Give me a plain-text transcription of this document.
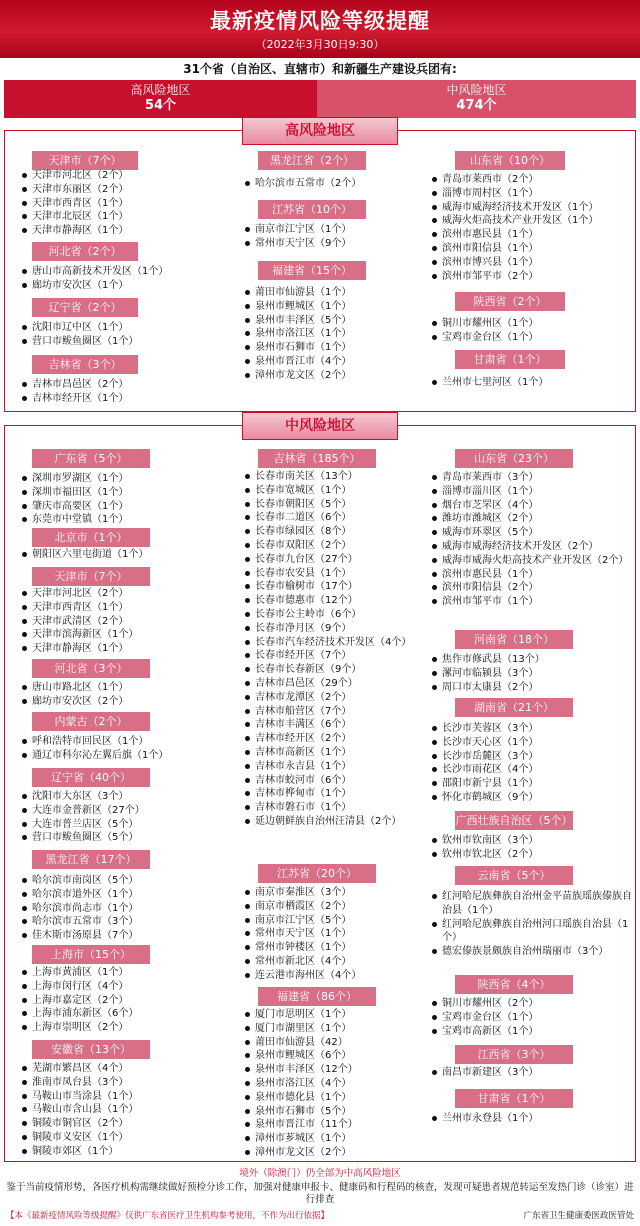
最新疫情风险等级提醒
（2022年3月30日9:30）
31个省（自治区、直辖市）和新疆生产建设兵团有:
高风险地区
54个
中风险地区
474个
高风险地区
中风险地区
天津市（7个）
天津市河北区（2个）
天津市东丽区（2个）
天津市西青区（1个）
天津市北辰区（1个）
天津市静海区（1个）
河北省（2个）
唐山市高新技术开发区（1个）
廊坊市安次区（1个）
辽宁省（2个）
沈阳市辽中区（1个）
营口市鲅鱼圈区（1个）
吉林省（3个）
吉林市昌邑区（2个）
吉林市经开区（1个）
黑龙江省（2个）
哈尔滨市五常市（2个）
江苏省（10个）
南京市江宁区（1个）
常州市天宁区（9个）
福建省（15个）
莆田市仙游县（1个）
泉州市鲤城区（1个）
泉州市丰泽区（5个）
泉州市洛江区（1个）
泉州市石狮市（1个）
泉州市晋江市（4个）
漳州市龙文区（2个）
山东省（10个）
青岛市莱西市（2个）
淄博市周村区（1个）
威海市威海经济技术开发区（1个）
威海火炬高技术产业开发区（1个）
滨州市惠民县（1个）
滨州市阳信县（1个）
滨州市博兴县（1个）
滨州市邹平市（2个）
陕西省（2个）
铜川市耀州区（1个）
宝鸡市金台区（1个）
甘肃省（1个）
兰州市七里河区（1个）
广东省（5个）
深圳市罗湖区（1个）
深圳市福田区（1个）
肇庆市高要区（1个）
东莞市中堂镇（1个）
北京市（1个）
朝阳区六里屯街道（1个）
天津市（7个）
天津市河北区（2个）
天津市西青区（1个）
天津市武清区（2个）
天津市滨海新区（1个）
天津市静海区（1个）
河北省（3个）
唐山市路北区（1个）
廊坊市安次区（2个）
内蒙古（2个）
呼和浩特市回民区（1个）
通辽市科尔沁左翼后旗（1个）
辽宁省（40个）
沈阳市大东区（3个）
大连市金普新区（27个）
大连市普兰店区（5个）
营口市鲅鱼圈区（5个）
黑龙江省（17个）
哈尔滨市南岗区（5个）
哈尔滨市道外区（1个）
哈尔滨市尚志市（1个）
哈尔滨市五常市（3个）
佳木斯市汤原县（7个）
上海市（15个）
上海市黄浦区（1个）
上海市闵行区（4个）
上海市嘉定区（2个）
上海市浦东新区（6个）
上海市崇明区（2个）
安徽省（13个）
芜湖市繁昌区（4个）
淮南市凤台县（3个）
马鞍山市当涂县（1个）
马鞍山市含山县（1个）
铜陵市铜官区（2个）
铜陵市义安区（1个）
铜陵市郊区（1个）
吉林省（185个）
长春市南关区（13个）
长春市宽城区（1个）
长春市朝阳区（5个）
长春市二道区（6个）
长春市绿园区（8个）
长春市双阳区（2个）
长春市九台区（27个）
长春市农安县（1个）
长春市榆树市（17个）
长春市德惠市（12个）
长春市公主岭市（6个）
长春市净月区（9个）
长春市汽车经济技术开发区（4个）
长春市经开区（7个）
长春市长春新区（9个）
吉林市昌邑区（29个）
吉林市龙潭区（2个）
吉林市船营区（7个）
吉林市丰满区（6个）
吉林市经开区（2个）
吉林市高新区（1个）
吉林市永吉县（1个）
吉林市蛟河市（6个）
吉林市桦甸市（1个）
吉林市磐石市（1个）
延边朝鲜族自治州汪清县（2个）
江苏省（20个）
南京市秦淮区（3个）
南京市栖霞区（2个）
南京市江宁区（5个）
常州市天宁区（1个）
常州市钟楼区（1个）
常州市新北区（4个）
连云港市海州区（4个）
福建省（86个）
厦门市思明区（1个）
厦门市湖里区（1个）
莆田市仙游县（42）
泉州市鲤城区（6个）
泉州市丰泽区（12个）
泉州市洛江区（4个）
泉州市德化县（1个）
泉州市石狮市（5个）
泉州市晋江市（11个）
漳州市芗城区（1个）
漳州市龙文区（2个）
山东省（23个）
青岛市莱西市（3个）
淄博市淄川区（1个）
烟台市芝罘区（4个）
潍坊市潍城区（2个）
威海市环翠区（5个）
威海市威海经济技术开发区（2个）
威海市威海火炬高技术产业开发区（2个）
滨州市惠民县（1个）
滨州市阳信县（2个）
滨州市邹平市（1个）
河南省（18个）
焦作市修武县（13个）
漯河市临颍县（3个）
周口市太康县（2个）
湖南省（21个）
长沙市芙蓉区（3个）
长沙市天心区（1个）
长沙市岳麓区（3个）
长沙市雨花区（4个）
邵阳市新宁县（1个）
怀化市鹤城区（9个）
广西壮族自治区（5个）
钦州市钦南区（3个）
钦州市钦北区（2个）
云南省（5个）
红河哈尼族彝族自治州金平苗族瑶族傣族自治县（1个）
红河哈尼族彝族自治州河口瑶族自治县（1个）
德宏傣族景颇族自治州瑞丽市（3个）
陕西省（4个）
铜川市耀州区（2个）
宝鸡市金台区（1个）
宝鸡市高新区（1个）
江西省（3个）
南昌市新建区（3个）
甘肃省（1个）
兰州市永登县（1个）
境外（除澳门）仍全部为中高风险地区
鉴于当前疫情形势，各医疗机构需继续做好预检分诊工作，加强对健康申报卡、健康码和行程码的核查，发现可疑患者规范转运至发热门诊（诊室）进行排查
【本《最新疫情风险等级提醒》仅供广东省医疗卫生机构参考使用，不作为出行依据】	广东省卫生健康委医政医管处
